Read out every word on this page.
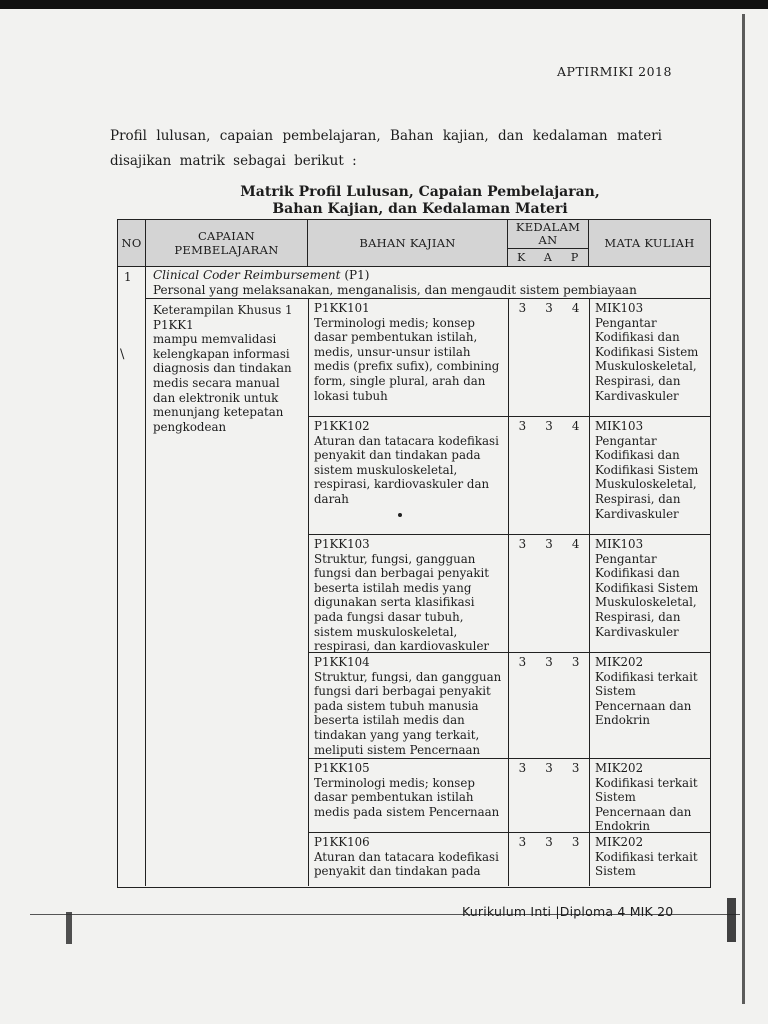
APTIRMIKI 2018
Profil lulusan, capaian pembelajaran, Bahan kajian, dan kedalaman materi disajikan matrik sebagai berikut :
Matrik Profil Lulusan, Capaian Pembelajaran,
Bahan Kajian, dan Kedalaman Materi
NO	CAPAIAN
PEMBELAJARAN
BAHAN KAJIAN
KEDALAM
AN
K	A	P
MATA KULIAH
1 Clinical Coder Reimbursement (P1)
Personal yang melaksanakan, menganalisis, dan mengaudit sistem pembiayaan
Keterampilan Khusus 1
P1KK1
mampu memvalidasi kelengkapan informasi diagnosis dan tindakan medis secara manual dan elektronik untuk menunjang ketepatan pengkodean
\
P1KK101
Terminologi medis; konsep dasar pembentukan istilah, medis, unsur-unsur istilah medis (prefix sufix), combining form, single plural, arah dan lokasi tubuh
3	3	4	MIK103 Pengantar Kodifikasi dan Kodifikasi Sistem Muskuloskeletal, Respirasi, dan Kardivaskuler
P1KK102
Aturan dan tatacara kodefikasi penyakit dan tindakan pada sistem muskuloskeletal, respirasi, kardiovaskuler dan darah
3	3	4	MIK103 Pengantar Kodifikasi dan Kodifikasi Sistem Muskuloskeletal, Respirasi, dan Kardivaskuler
P1KK103
Struktur, fungsi, gangguan fungsi dan berbagai penyakit beserta istilah medis yang digunakan serta klasifikasi pada fungsi dasar tubuh, sistem muskuloskeletal, respirasi, dan kardiovaskuler
3	3	4	MIK103 Pengantar Kodifikasi dan Kodifikasi Sistem Muskuloskeletal, Respirasi, dan Kardivaskuler
P1KK104
Struktur, fungsi, dan gangguan fungsi dari berbagai penyakit pada sistem tubuh manusia beserta istilah medis dan tindakan yang yang terkait, meliputi sistem Pencernaan
3	3	3	MIK202 Kodifikasi terkait Sistem Pencernaan dan Endokrin
P1KK105
Terminologi medis; konsep dasar pembentukan istilah medis pada sistem Pencernaan
3	3	3	MIK202 Kodifikasi terkait Sistem Pencernaan dan Endokrin
P1KK106
Aturan dan tatacara kodefikasi penyakit dan tindakan pada
3	3	3	MIK202 Kodifikasi terkait Sistem
Kurikulum Inti |Diploma 4 MIK 20
